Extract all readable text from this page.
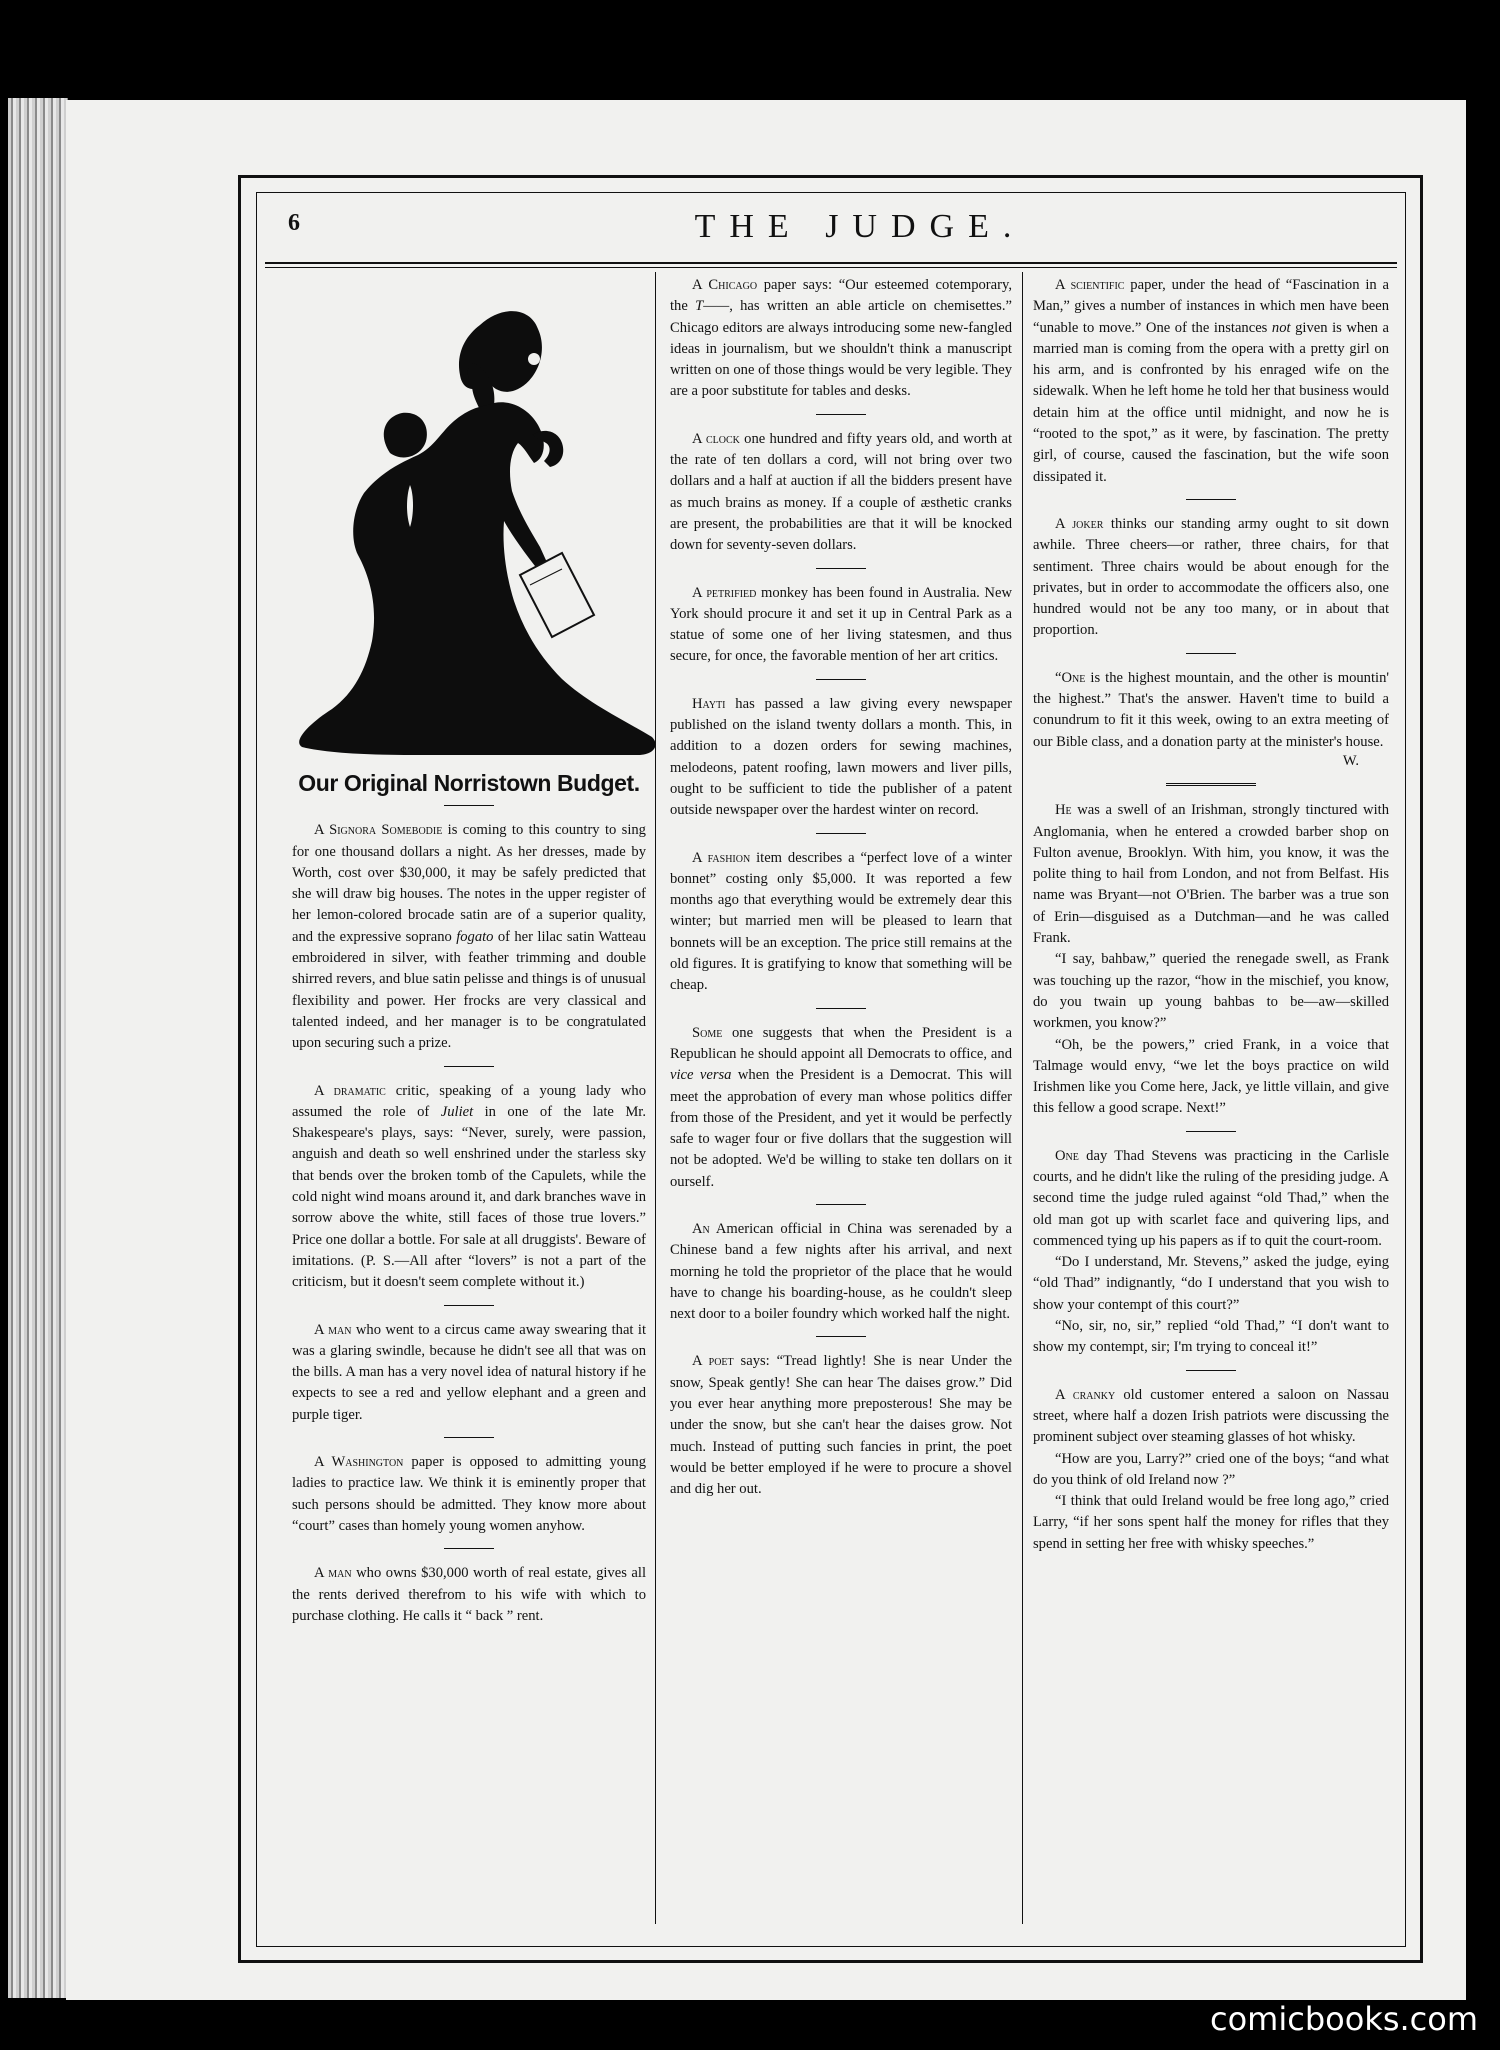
6	THE JUDGE.
Our Original Norristown Budget.

A Signora Somebodie is coming to this country to sing for one thousand dollars a night. As her dresses, made by Worth, cost over $30,000, it may be safely predicted that she will draw big houses. The notes in the upper register of her lemon-colored brocade satin are of a superior quality, and the expressive soprano fogato of her lilac satin Watteau embroidered in silver, with feather trimming and double shirred revers, and blue satin pelisse and things is of unusual flexibility and power. Her frocks are very classical and talented indeed, and her manager is to be congratulated upon securing such a prize.

A dramatic critic, speaking of a young lady who assumed the role of Juliet in one of the late Mr. Shakespeare's plays, says: “Never, surely, were passion, anguish and death so well enshrined under the starless sky that bends over the broken tomb of the Capulets, while the cold night wind moans around it, and dark branches wave in sorrow above the white, still faces of those true lovers.” Price one dollar a bottle. For sale at all druggists'. Beware of imitations. (P. S.—All after “lovers” is not a part of the criticism, but it doesn't seem complete without it.)

A man who went to a circus came away swearing that it was a glaring swindle, because he didn't see all that was on the bills. A man has a very novel idea of natural history if he expects to see a red and yellow elephant and a green and purple tiger.

A Washington paper is opposed to admitting young ladies to practice law. We think it is eminently proper that such persons should be admitted. They know more about “court” cases than homely young women anyhow.

A man who owns $30,000 worth of real estate, gives all the rents derived therefrom to his wife with which to purchase clothing. He calls it “ back ” rent.

A Chicago paper says: “Our esteemed cotemporary, the T——, has written an able article on chemisettes.” Chicago editors are always introducing some new-fangled ideas in journalism, but we shouldn't think a manuscript written on one of those things would be very legible. They are a poor substitute for tables and desks.

A clock one hundred and fifty years old, and worth at the rate of ten dollars a cord, will not bring over two dollars and a half at auction if all the bidders present have as much brains as money. If a couple of æsthetic cranks are present, the probabilities are that it will be knocked down for seventy-seven dollars.

A petrified monkey has been found in Australia. New York should procure it and set it up in Central Park as a statue of some one of her living statesmen, and thus secure, for once, the favorable mention of her art critics.

Hayti has passed a law giving every newspaper published on the island twenty dollars a month. This, in addition to a dozen orders for sewing machines, melodeons, patent roofing, lawn mowers and liver pills, ought to be sufficient to tide the publisher of a patent outside newspaper over the hardest winter on record.

A fashion item describes a “perfect love of a winter bonnet” costing only $5,000. It was reported a few months ago that everything would be extremely dear this winter; but married men will be pleased to learn that bonnets will be an exception. The price still remains at the old figures. It is gratifying to know that something will be cheap.

Some one suggests that when the President is a Republican he should appoint all Democrats to office, and vice versa when the President is a Democrat. This will meet the approbation of every man whose politics differ from those of the President, and yet it would be perfectly safe to wager four or five dollars that the suggestion will not be adopted. We'd be willing to stake ten dollars on it ourself.

An American official in China was serenaded by a Chinese band a few nights after his arrival, and next morning he told the proprietor of the place that he would have to change his boarding-house, as he couldn't sleep next door to a boiler foundry which worked half the night.

A poet says: “Tread lightly! She is near Under the snow, Speak gently! She can hear The daises grow.” Did you ever hear anything more preposterous! She may be under the snow, but she can't hear the daises grow. Not much. Instead of putting such fancies in print, the poet would be better employed if he were to procure a shovel and dig her out.

A scientific paper, under the head of “Fascination in a Man,” gives a number of instances in which men have been “unable to move.” One of the instances not given is when a married man is coming from the opera with a pretty girl on his arm, and is confronted by his enraged wife on the sidewalk. When he left home he told her that business would detain him at the office until midnight, and now he is “rooted to the spot,” as it were, by fascination. The pretty girl, of course, caused the fascination, but the wife soon dissipated it.

A joker thinks our standing army ought to sit down awhile. Three cheers—or rather, three chairs, for that sentiment. Three chairs would be about enough for the privates, but in order to accommodate the officers also, one hundred would not be any too many, or in about that proportion.

“One is the highest mountain, and the other is mountin' the highest.” That's the answer. Haven't time to build a conundrum to fit it this week, owing to an extra meeting of our Bible class, and a donation party at the minister's house.

W.

He was a swell of an Irishman, strongly tinctured with Anglomania, when he entered a crowded barber shop on Fulton avenue, Brooklyn. With him, you know, it was the polite thing to hail from London, and not from Belfast. His name was Bryant—not O'Brien. The barber was a true son of Erin—disguised as a Dutchman—and he was called Frank.

“I say, bahbaw,” queried the renegade swell, as Frank was touching up the razor, “how in the mischief, you know, do you twain up young bahbas to be—aw—skilled workmen, you know?”

“Oh, be the powers,” cried Frank, in a voice that Talmage would envy, “we let the boys practice on wild Irishmen like you Come here, Jack, ye little villain, and give this fellow a good scrape. Next!”

One day Thad Stevens was practicing in the Carlisle courts, and he didn't like the ruling of the presiding judge. A second time the judge ruled against “old Thad,” when the old man got up with scarlet face and quivering lips, and commenced tying up his papers as if to quit the court-room.

“Do I understand, Mr. Stevens,” asked the judge, eying “old Thad” indignantly, “do I understand that you wish to show your contempt of this court?”

“No, sir, no, sir,” replied “old Thad,” “I don't want to show my contempt, sir; I'm trying to conceal it!”

A cranky old customer entered a saloon on Nassau street, where half a dozen Irish patriots were discussing the prominent subject over steaming glasses of hot whisky.

“How are you, Larry?” cried one of the boys; “and what do you think of old Ireland now ?”

“I think that ould Ireland would be free long ago,” cried Larry, “if her sons spent half the money for rifles that they spend in setting her free with whisky speeches.”

comicbooks.com
